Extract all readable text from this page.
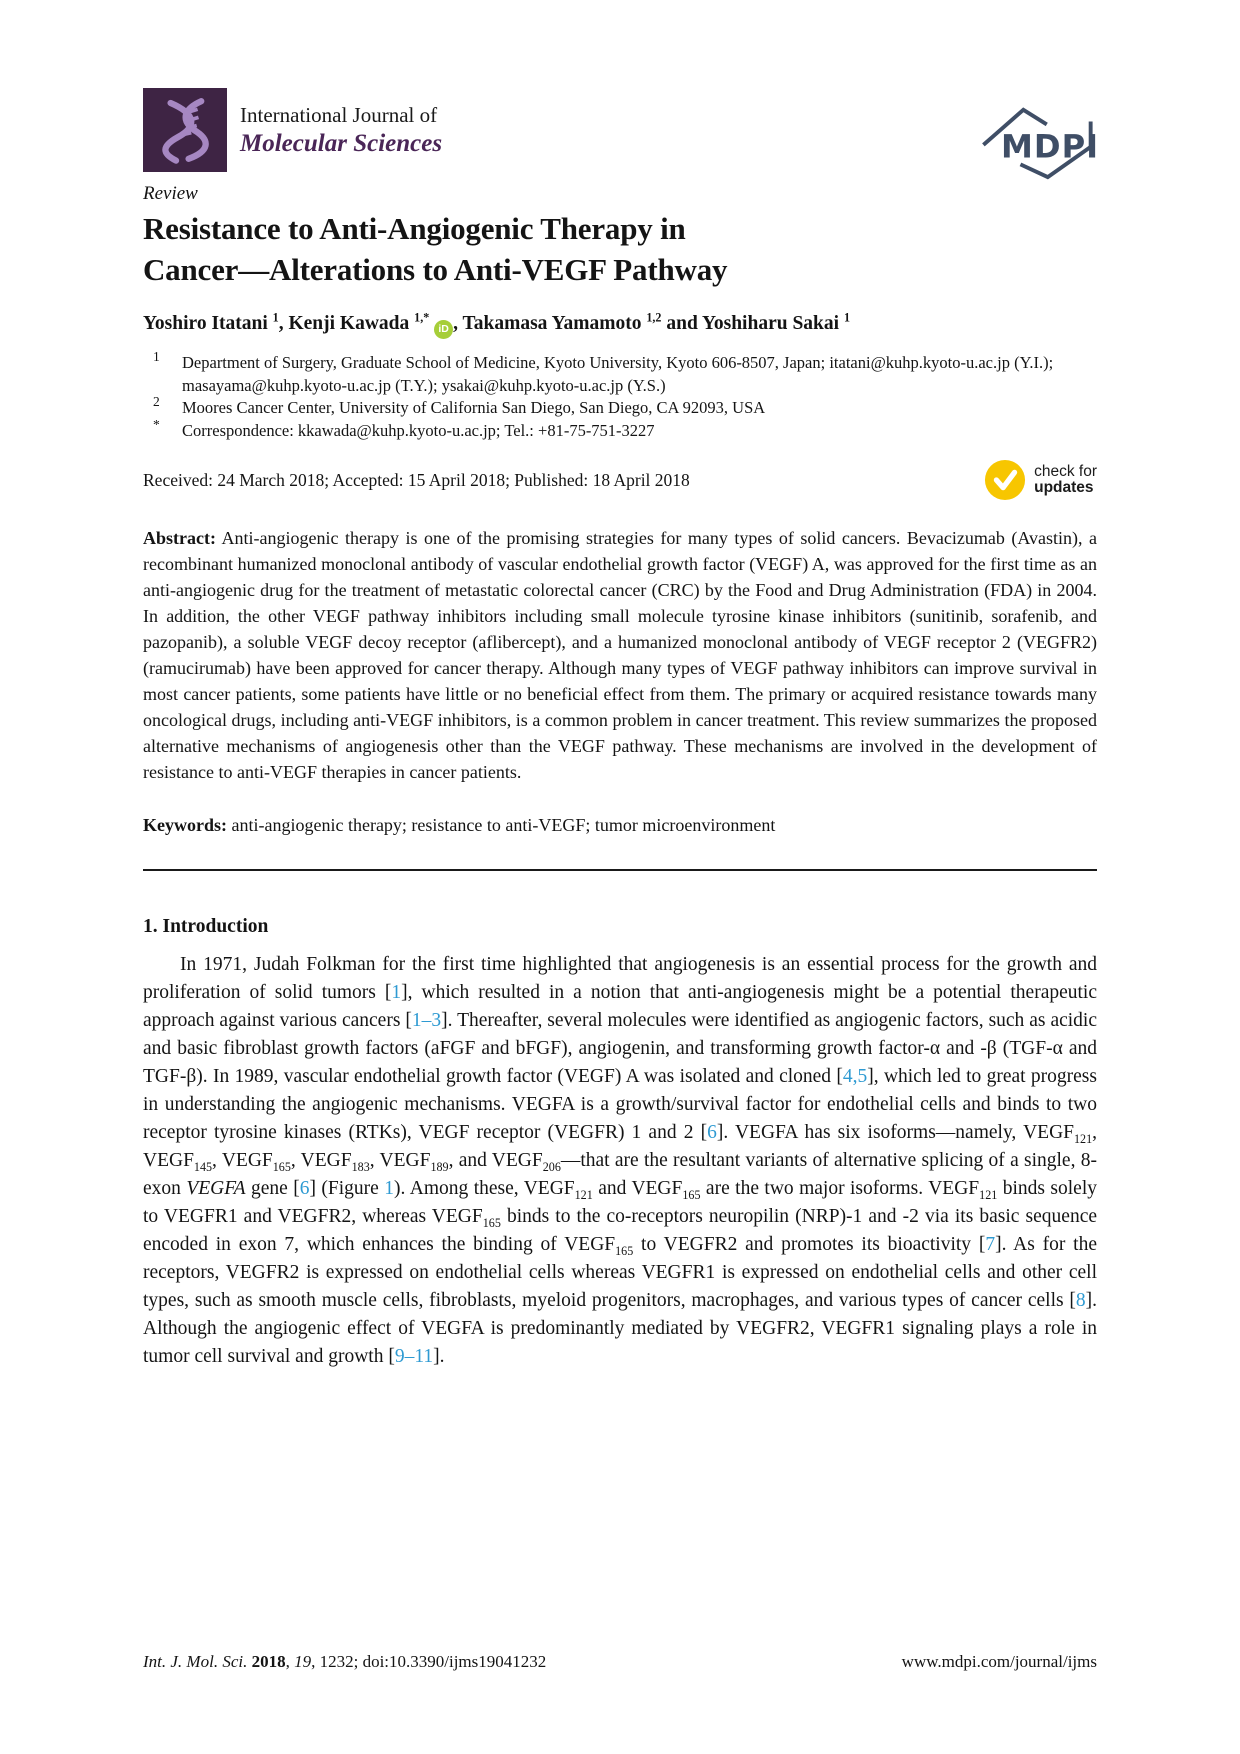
International Journal of
Molecular Sciences	MDPI
Review
Resistance to Anti-Angiogenic Therapy in
Cancer—Alterations to Anti-VEGF Pathway
Yoshiro Itatani $^1$, Kenji Kawada $^{1,*}$ iD , Takamasa Yamamoto $^{1,2}$ and Yoshiharu Sakai $^1$
1	Department of Surgery, Graduate School of Medicine, Kyoto University, Kyoto 606-8507, Japan; itatani@kuhp.kyoto-u.ac.jp (Y.I.); masayama@kuhp.kyoto-u.ac.jp (T.Y.); ysakai@kuhp.kyoto-u.ac.jp (Y.S.)
2	Moores Cancer Center, University of California San Diego, San Diego, CA 92093, USA
*	Correspondence: kkawada@kuhp.kyoto-u.ac.jp; Tel.: +81-75-751-3227
Received: 24 March 2018; Accepted: 15 April 2018; Published: 18 April 2018	check for
updates
Abstract: Anti-angiogenic therapy is one of the promising strategies for many types of solid cancers. Bevacizumab (Avastin), a recombinant humanized monoclonal antibody of vascular endothelial growth factor (VEGF) A, was approved for the first time as an anti-angiogenic drug for the treatment of metastatic colorectal cancer (CRC) by the Food and Drug Administration (FDA) in 2004. In addition, the other VEGF pathway inhibitors including small molecule tyrosine kinase inhibitors (sunitinib, sorafenib, and pazopanib), a soluble VEGF decoy receptor (aflibercept), and a humanized monoclonal antibody of VEGF receptor 2 (VEGFR2) (ramucirumab) have been approved for cancer therapy. Although many types of VEGF pathway inhibitors can improve survival in most cancer patients, some patients have little or no beneficial effect from them. The primary or acquired resistance towards many oncological drugs, including anti-VEGF inhibitors, is a common problem in cancer treatment. This review summarizes the proposed alternative mechanisms of angiogenesis other than the VEGF pathway. These mechanisms are involved in the development of resistance to anti-VEGF therapies in cancer patients.
Keywords: anti-angiogenic therapy; resistance to anti-VEGF; tumor microenvironment
1. Introduction

In 1971, Judah Folkman for the first time highlighted that angiogenesis is an essential process for the growth and proliferation of solid tumors [1], which resulted in a notion that anti-angiogenesis might be a potential therapeutic approach against various cancers [1–3]. Thereafter, several molecules were identified as angiogenic factors, such as acidic and basic fibroblast growth factors (aFGF and bFGF), angiogenin, and transforming growth factor-α and -β (TGF-α and TGF-β). In 1989, vascular endothelial growth factor (VEGF) A was isolated and cloned [4,5], which led to great progress in understanding the angiogenic mechanisms. VEGFA is a growth/survival factor for endothelial cells and binds to two receptor tyrosine kinases (RTKs), VEGF receptor (VEGFR) 1 and 2 [6]. VEGFA has six isoforms—namely, $VEGF_{121}$, $VEGF_{145}$, $VEGF_{165}$, $VEGF_{183}$, $VEGF_{189}$, and $VEGF_{206}—that$ are the resultant variants of alternative splicing of a single, 8-exon VEGFA gene [6] (Figure 1). Among these, $VEGF_{121}$ and $VEGF_{165}$ are the two major isoforms. $VEGF_{121}$ binds solely to VEGFR1 and VEGFR2, whereas $VEGF_{165}$ binds to the co-receptors neuropilin (NRP)-1 and -2 via its basic sequence encoded in exon 7, which enhances the binding of $VEGF_{165}$ to VEGFR2 and promotes its bioactivity [7]. As for the receptors, VEGFR2 is expressed on endothelial cells whereas VEGFR1 is expressed on endothelial cells and other cell types, such as smooth muscle cells, fibroblasts, myeloid progenitors, macrophages, and various types of cancer cells [8]. Although the angiogenic effect of VEGFA is predominantly mediated by VEGFR2, VEGFR1 signaling plays a role in tumor cell survival and growth [9–11].

Int. J. Mol. Sci. 2018, 19, 1232; doi:10.3390/ijms19041232	www.mdpi.com/journal/ijms
